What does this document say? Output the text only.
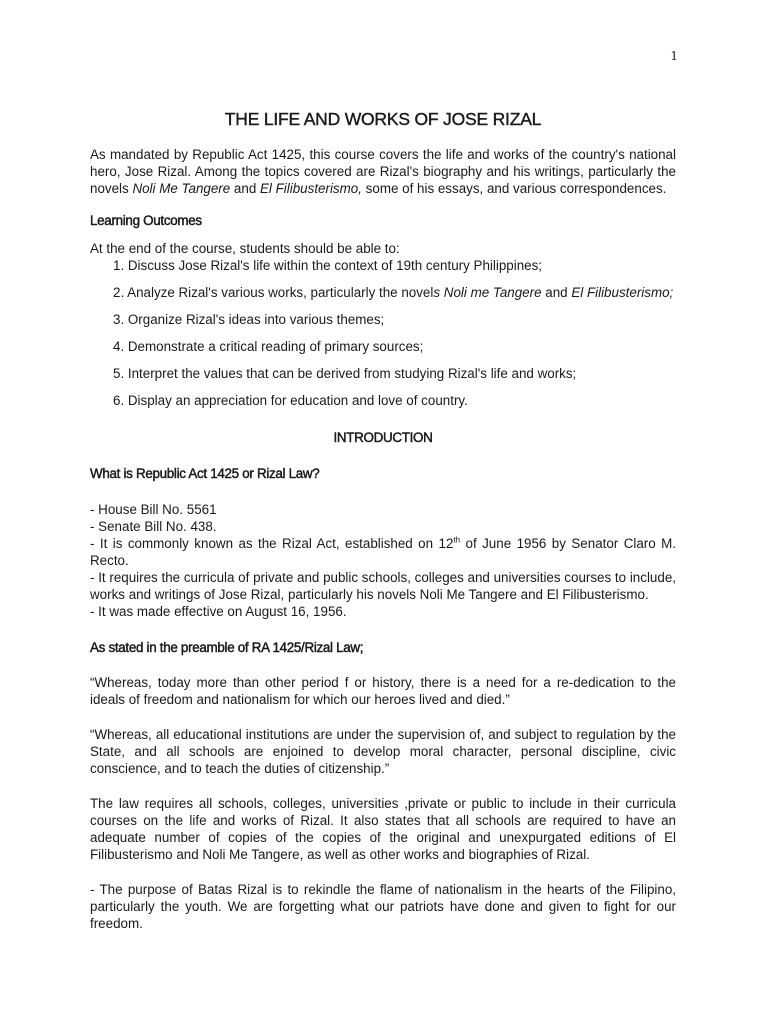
1
THE LIFE AND WORKS OF JOSE RIZAL

As mandated by Republic Act 1425, this course covers the life and works of the country's national hero, Jose Rizal. Among the topics covered are Rizal's biography and his writings, particularly the novels Noli Me Tangere and El Filibusterismo, some of his essays, and various correspondences.

Learning Outcomes

At the end of the course, students should be able to:

1. Discuss Jose Rizal's life within the context of 19th century Philippines;
2. Analyze Rizal's various works, particularly the novels Noli me Tangere and El Filibusterismo;
3. Organize Rizal's ideas into various themes;
4. Demonstrate a critical reading of primary sources;
5. Interpret the values that can be derived from studying Rizal's life and works;
6. Display an appreciation for education and love of country.

INTRODUCTION

What is Republic Act 1425 or Rizal Law?

- House Bill No. 5561

- Senate Bill No. 438.

- It is commonly known as the Rizal Act, established on 12th of June 1956 by Senator Claro M. Recto.

- It requires the curricula of private and public schools, colleges and universities courses to include, works and writings of Jose Rizal, particularly his novels Noli Me Tangere and El Filibusterismo.

- It was made effective on August 16, 1956.

As stated in the preamble of RA 1425/Rizal Law;

“Whereas, today more than other period f or history, there is a need for a re-dedication to the ideals of freedom and nationalism for which our heroes lived and died.”

“Whereas, all educational institutions are under the supervision of, and subject to regulation by the State, and all schools are enjoined to develop moral character, personal discipline, civic conscience, and to teach the duties of citizenship.”

The law requires all schools, colleges, universities ,private or public to include in their curricula courses on the life and works of Rizal. It also states that all schools are required to have an adequate number of copies of the copies of the original and unexpurgated editions of El Filibusterismo and Noli Me Tangere, as well as other works and biographies of Rizal.

- The purpose of Batas Rizal is to rekindle the flame of nationalism in the hearts of the Filipino, particularly the youth. We are forgetting what our patriots have done and given to fight for our freedom.
